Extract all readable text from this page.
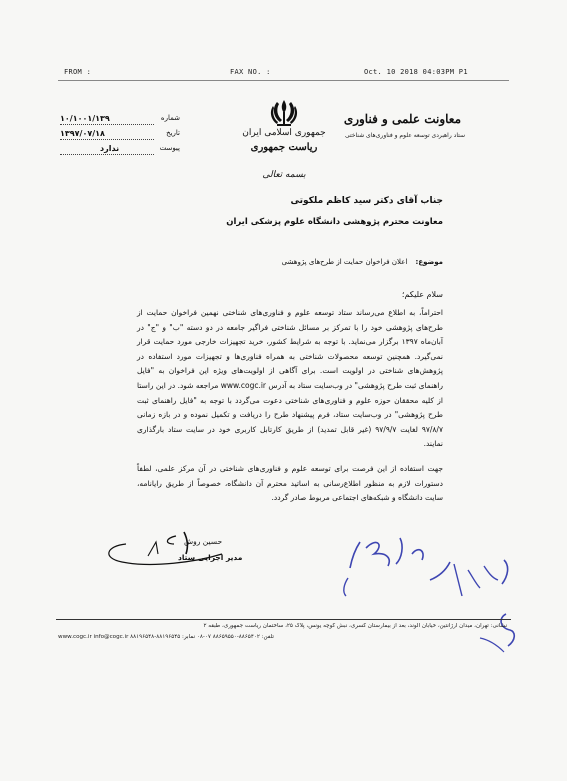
FROM :	FAX NO. :	Oct. 10 2018 04:03PM P1
شماره
۱۰/۱۰۰۱/۱۳۹
تاریخ
۱۳۹۷/۰۷/۱۸
پیوست
ندارد
جمهوری اسلامی ایران
ریاست جمهوری
معاونت علمی و فناوری
ستاد راهبردی توسعه علوم و فناوری‌های شناختی
بسمه تعالی
جناب آقای دکتر سید کاظم ملکوتی
معاونت محترم پژوهشی دانشگاه علوم پزشکی ایران
موضوع: اعلان فراخوان حمایت از طرح‌های پژوهشی
سلام علیکم؛
احتراماً، به اطلاع می‌رساند ستاد توسعه علوم و فناوری‌های شناختی نهمین فراخوان حمایت از طرح‌های پژوهشی خود را با تمرکز بر مسائل شناختی فراگیر جامعه در دو دسته "ب" و "ج" در آبان‌ماه ۱۳۹۷ برگزار می‌نماید. با توجه به شرایط کشور، خرید تجهیزات خارجی مورد حمایت قرار نمی‌گیرد. همچنین توسعه محصولات شناختی به همراه فناوری‌ها و تجهیزات مورد استفاده در پژوهش‌های شناختی در اولویت است. برای آگاهی از اولویت‌های ویژه این فراخوان به "فایل راهنمای ثبت طرح پژوهشی" در وب‌سایت ستاد به آدرس www.cogc.ir مراجعه شود. در این راستا از کلیه محققان حوزه علوم و فناوری‌های شناختی دعوت می‌گردد با توجه به "فایل راهنمای ثبت طرح پژوهشی" در وب‌سایت ستاد، فرم پیشنهاد طرح را دریافت و تکمیل نموده و در بازه زمانی ۹۷/۸/۷ لغایت ۹۷/۹/۷ (غیر قابل تمدید) از طریق کارتابل کاربری خود در سایت ستاد بارگذاری نمایند.
جهت استفاده از این فرصت برای توسعه علوم و فناوری‌های شناختی در آن مرکز علمی، لطفاً دستورات لازم به منظور اطلاع‌رسانی به اساتید محترم آن دانشگاه، خصوصاً از طریق رایانامه، سایت دانشگاه و شبکه‌های اجتماعی مربوط صادر گردد.
حسین روش
مدیر اجرایی ستاد
نشانی: تهران، میدان آرژانتین، خیابان الوند، بعد از بیمارستان کسری، نبش کوچه یونس، پلاک ۲۵، ساختمان ریاست جمهوری، طبقه ۲
www.cogc.ir info@cogc.ir تلفن: ۸۸۶۵۴۰۲-۸۸۶۵۹۵۵۰ ۰۷-۰۸ نمابر: ۸۸۱۹۶۵۴۵-۸۸۱۹۶۵۴۸
